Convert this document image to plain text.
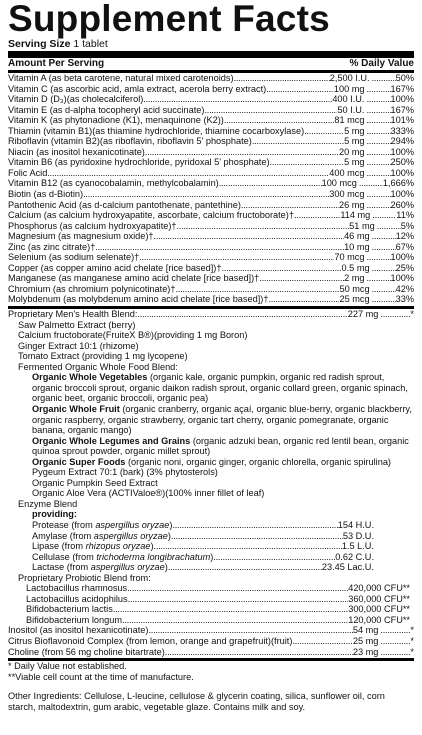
Supplement Facts
Serving Size 1 tablet
Amount Per Serving	% Daily Value
Vitamin A (as beta carotene, natural mixed carotenoids) . . .	2,500 I.U. . . .	50%
Vitamin C (as ascorbic acid, amla extract, acerola berry extract) . . .	100 mg . . .	167%
Vitamin D (D₃)(as cholecalciferol) . . .	400 I.U. . . .	100%
Vitamin E (as d-alpha tocopheryl acid succinate) . . .	50 I.U. . . .	167%
Vitamin K (as phytonadione (K1), menaquinone (K2)) . . .	81 mcg . . .	101%
Thiamin (vitamin B1)(as thiamine hydrochloride, thiamine cocarboxylase) . . .	5 mg . . .	333%
Riboflavin (vitamin B2)(as riboflavin, riboflavin 5' phosphate) . . .	5 mg . . .	294%
Niacin (as inositol hexanicotinate) . . .	20 mg . . .	100%
Vitamin B6 (as pyridoxine hydrochloride, pyridoxal 5' phosphate) . . .	5 mg . . .	250%
Folic Acid . . .	400 mcg . . .	100%
Vitamin B12 (as cyanocobalamin, methylcobalamin) . . .	100 mcg . . .	1,666%
Biotin (as d-Biotin) . . .	300 mcg . . .	100%
Pantothenic Acid (as d-calcium pantothenate, pantethine) . . .	26 mg . . .	260%
Calcium (as calcium hydroxyapatite, ascorbate, calcium fructoborate)† . . .	114 mg . . .	11%
Phosphorus (as calcium hydroxyapatite)† . . .	51 mg . . .	5%
Magnesium (as magnesium oxide)† . . .	46 mg . . .	12%
Zinc (as zinc citrate)† . . .	10 mg . . .	67%
Selenium (as sodium selenate)† . . .	70 mcg . . .	100%
Copper (as copper amino acid chelate [rice based])† . . .	0.5 mg . . .	25%
Manganese (as manganese amino acid chelate [rice based])† . . .	2 mg . . .	100%
Chromium (as chromium polynicotinate)† . . .	50 mcg . . .	42%
Molybdenum (as molybdenum amino acid chelate [rice based])† . . .	25 mcg . . .	33%
Proprietary Men's Health Blend: . . .	227 mg . . .	*
Saw Palmetto Extract (berry)
Calcium fructoborate(FruiteX B®)(providing 1 mg Boron)
Ginger Extract 10:1 (rhizome)
Tomato Extract (providing 1 mg lycopene)
Fermented Organic Whole Food Blend:
Organic Whole Vegetables (organic kale, organic pumpkin, organic red radish sprout, organic broccoli sprout, organic daikon radish sprout, organic collard green, organic spinach, organic beet, organic broccoli, organic pea)
Organic Whole Fruit (organic cranberry, organic açaí, organic blue-berry, organic blackberry, organic raspberry, organic strawberry, organic tart cherry, organic pomegranate, organic banana, organic mango)
Organic Whole Legumes and Grains (organic adzuki bean, organic red lentil bean, organic quinoa sprout powder, organic millet sprout)
Organic Super Foods (organic noni, organic ginger, organic chlorella, organic spirulina)
Pygeum Extract 70:1 (bark) (3% phytosterols)
Organic Pumpkin Seed Extract
Organic Aloe Vera (ACTIValoe®)(100% inner fillet of leaf)
Enzyme Blend
providing:
Protease (from aspergillus oryzae) . . .	154 H.U.
Amylase (from aspergillus oryzae) . . .	53 D.U.
Lipase (from rhizopus oryzae) . . .	1.5 L.U.
Cellulase (from trichoderma longibrachatum) . . .	0.62 C.U.
Lactase (from aspergillus oryzae) . . .	23.45 Lac.U.
Proprietary Probiotic Blend from:
Lactobacillus rhamnosus . . .	420,000 CFU**
Lactobacillus acidophilus . . .	360,000 CFU**
Bifidobacterium lactis . . .	300,000 CFU**
Bifidobacterium longum . . .	120,000 CFU**
Inositol (as inositol hexanicotinate) . . .	54 mg . . .	*
Citrus Bioflavonoid Complex (from lemon, orange and grapefruit)(fruit) . . .	25 mg . . .	*
Choline (from 56 mg choline bitartrate) . . .	23 mg . . .	*
* Daily Value not established.
**Viable cell count at the time of manufacture.
Other Ingredients: Cellulose, L-leucine, cellulose & glycerin coating, silica, sunflower oil, corn starch, maltodextrin, gum arabic, vegetable glaze. Contains milk and soy.
